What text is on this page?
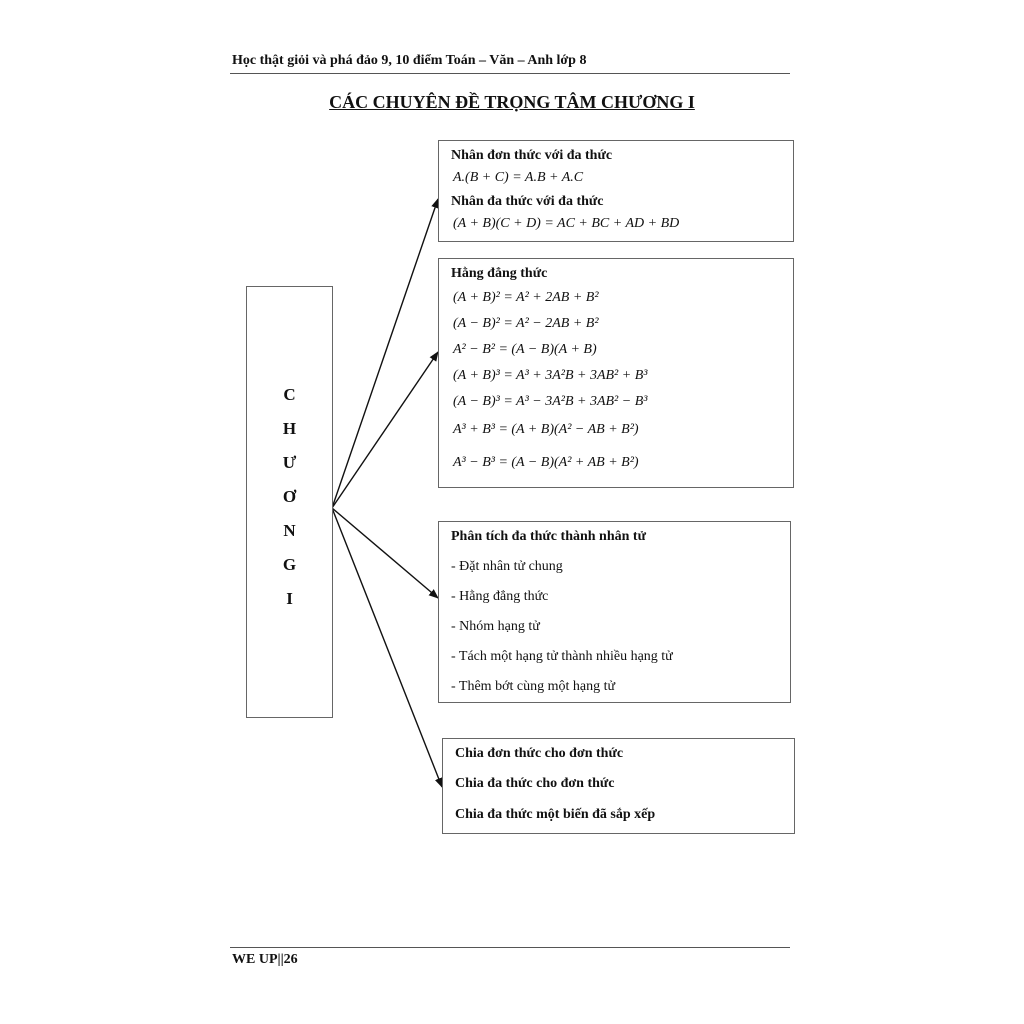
Học thật giỏi và phá đảo 9, 10 điểm Toán – Văn – Anh lớp 8
CÁC CHUYÊN ĐỀ TRỌNG TÂM CHƯƠNG I
C
H
Ư
Ơ
N
G
I
Nhân đơn thức với đa thức
A.(B + C) = A.B + A.C
Nhân đa thức với đa thức
(A + B)(C + D) = AC + BC + AD + BD
Hằng đẳng thức
(A + B)² = A² + 2AB + B²
(A − B)² = A² − 2AB + B²
A² − B² = (A − B)(A + B)
(A + B)³ = A³ + 3A²B + 3AB² + B³
(A − B)³ = A³ − 3A²B + 3AB² − B³
A³ + B³ = (A + B)(A² − AB + B²)
A³ − B³ = (A − B)(A² + AB + B²)
Phân tích đa thức thành nhân tử
- Đặt nhân tử chung
- Hằng đẳng thức
- Nhóm hạng tử
- Tách một hạng tử thành nhiều hạng tử
- Thêm bớt cùng một hạng tử
Chia đơn thức cho đơn thức
Chia đa thức cho đơn thức
Chia đa thức một biến đã sắp xếp
WE UP||26
